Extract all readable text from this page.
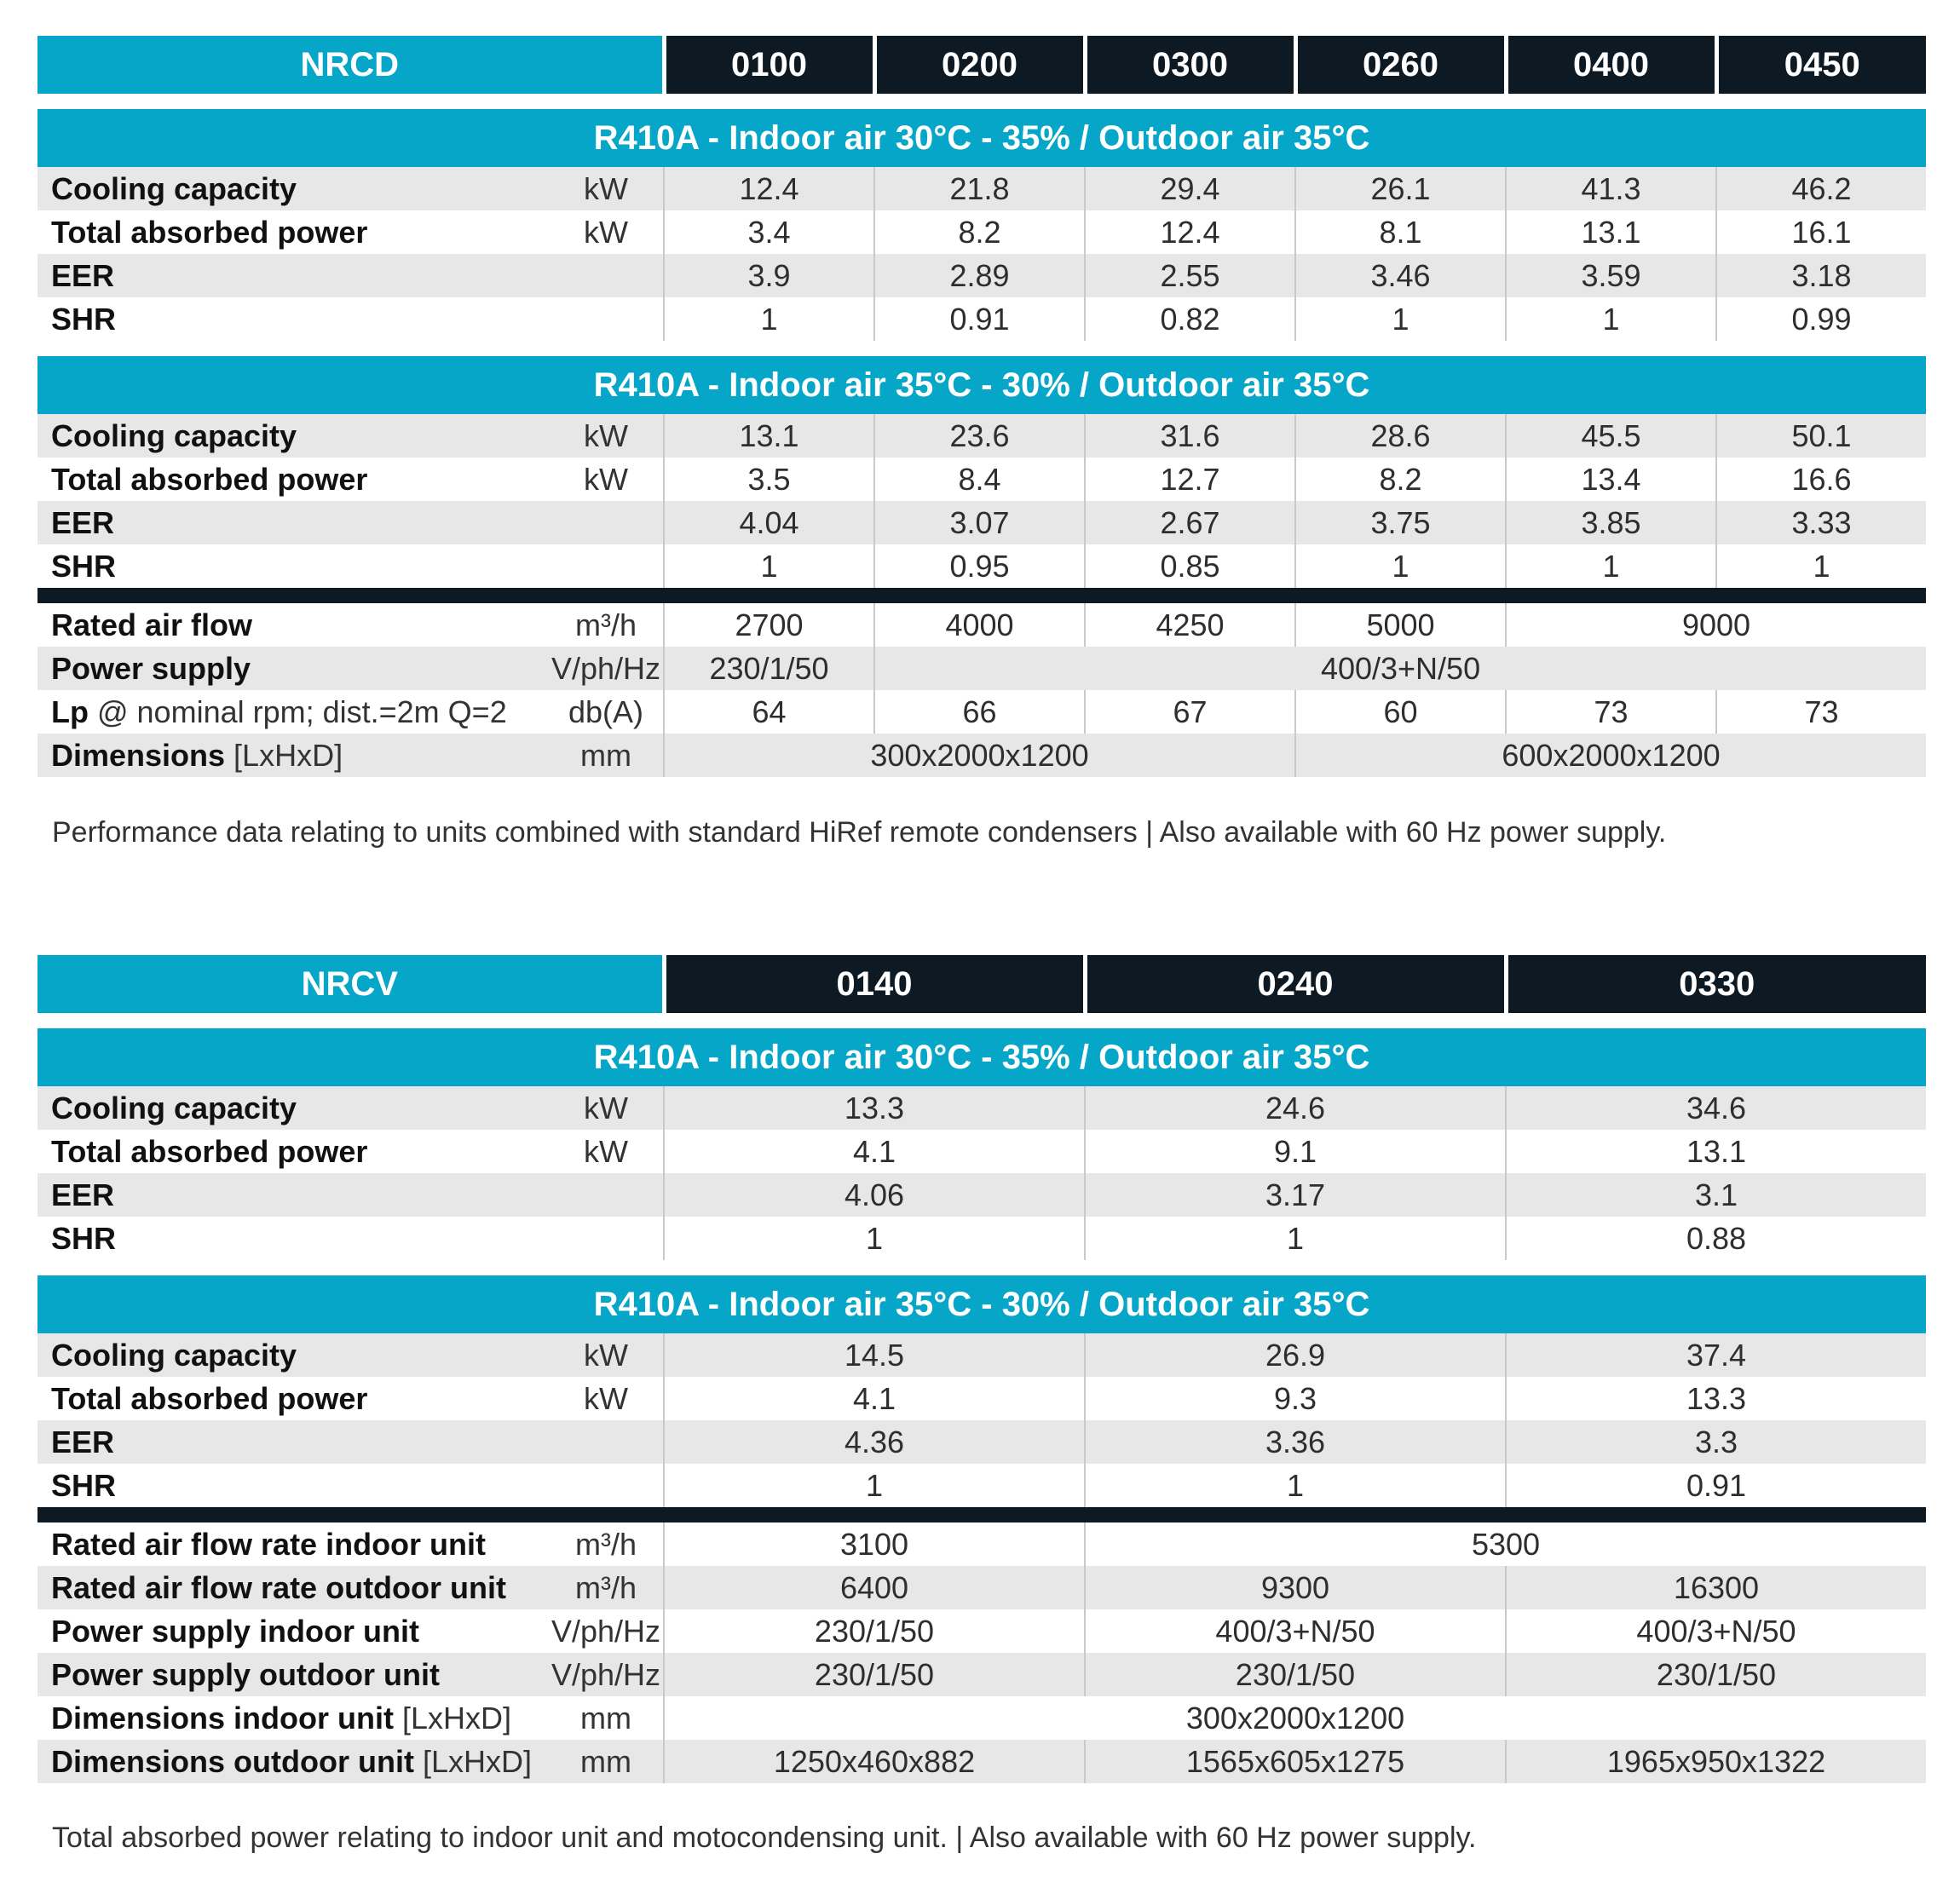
NRCD		0100	0200	0300	0260	0400	0450

R410A - Indoor air 30°C - 35% / Outdoor air 35°C							
Cooling capacity	kW	12.4	21.8	29.4	26.1	41.3	46.2
Total absorbed power	kW	3.4	8.2	12.4	8.1	13.1	16.1
EER		3.9	2.89	2.55	3.46	3.59	3.18
SHR		1	0.91	0.82	1	1	0.99

R410A - Indoor air 35°C - 30% / Outdoor air 35°C							
Cooling capacity	kW	13.1	23.6	31.6	28.6	45.5	50.1
Total absorbed power	kW	3.5	8.4	12.7	8.2	13.4	16.6
EER		4.04	3.07	2.67	3.75	3.85	3.33
SHR		1	0.95	0.85	1	1	1

Rated air flow	m³/h	2700	4000	4250	5000	9000	
Power supply	V/ph/Hz	230/1/50	400/3+N/50				
Lp @ nominal rpm; dist.=2m Q=2	db(A)	64	66	67	60	73	73
Dimensions [LxHxD]	mm	300x2000x1200			600x2000x1200		
Performance data relating to units combined with standard HiRef remote condensers | Also available with 60 Hz power supply.
NRCV		0140	0240	0330

R410A - Indoor air 30°C - 35% / Outdoor air 35°C				
Cooling capacity	kW	13.3	24.6	34.6
Total absorbed power	kW	4.1	9.1	13.1
EER		4.06	3.17	3.1
SHR		1	1	0.88

R410A - Indoor air 35°C - 30% / Outdoor air 35°C				
Cooling capacity	kW	14.5	26.9	37.4
Total absorbed power	kW	4.1	9.3	13.3
EER		4.36	3.36	3.3
SHR		1	1	0.91

Rated air flow rate indoor unit	m³/h	3100	5300	
Rated air flow rate outdoor unit	m³/h	6400	9300	16300
Power supply indoor unit	V/ph/Hz	230/1/50	400/3+N/50	400/3+N/50
Power supply outdoor unit	V/ph/Hz	230/1/50	230/1/50	230/1/50
Dimensions indoor unit [LxHxD]	mm	300x2000x1200		
Dimensions outdoor unit [LxHxD]	mm	1250x460x882	1565x605x1275	1965x950x1322
Total absorbed power relating to indoor unit and motocondensing unit. | Also available with 60 Hz power supply.
